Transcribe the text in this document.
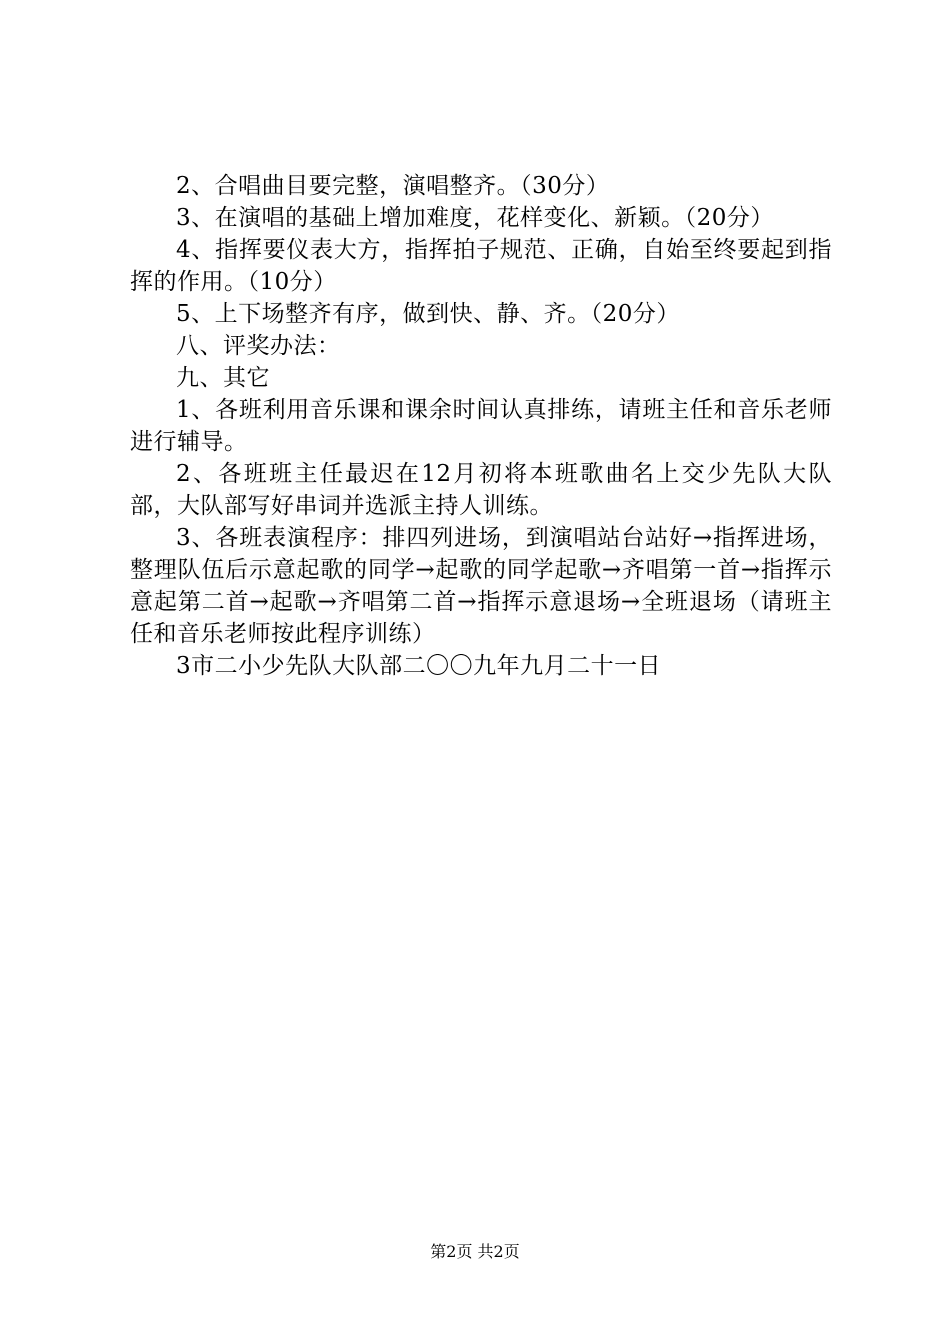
2、合唱曲目要完整，演唱整齐。（30分）

3、在演唱的基础上增加难度，花样变化、新颖。（20分）

4、指挥要仪表大方，指挥拍子规范、正确，自始至终要起到指挥的作用。（10分）

5、上下场整齐有序，做到快、静、齐。（20分）

八、评奖办法：

九、其它

1、各班利用音乐课和课余时间认真排练，请班主任和音乐老师进行辅导。

2、各班班主任最迟在12月初将本班歌曲名上交少先队大队部，大队部写好串词并选派主持人训练。

3、各班表演程序：排四列进场，到演唱站台站好→指挥进场，整理队伍后示意起歌的同学→起歌的同学起歌→齐唱第一首→指挥示意起第二首→起歌→齐唱第二首→指挥示意退场→全班退场（请班主任和音乐老师按此程序训练）

3市二小少先队大队部二〇〇九年九月二十一日

第2页 共2页
